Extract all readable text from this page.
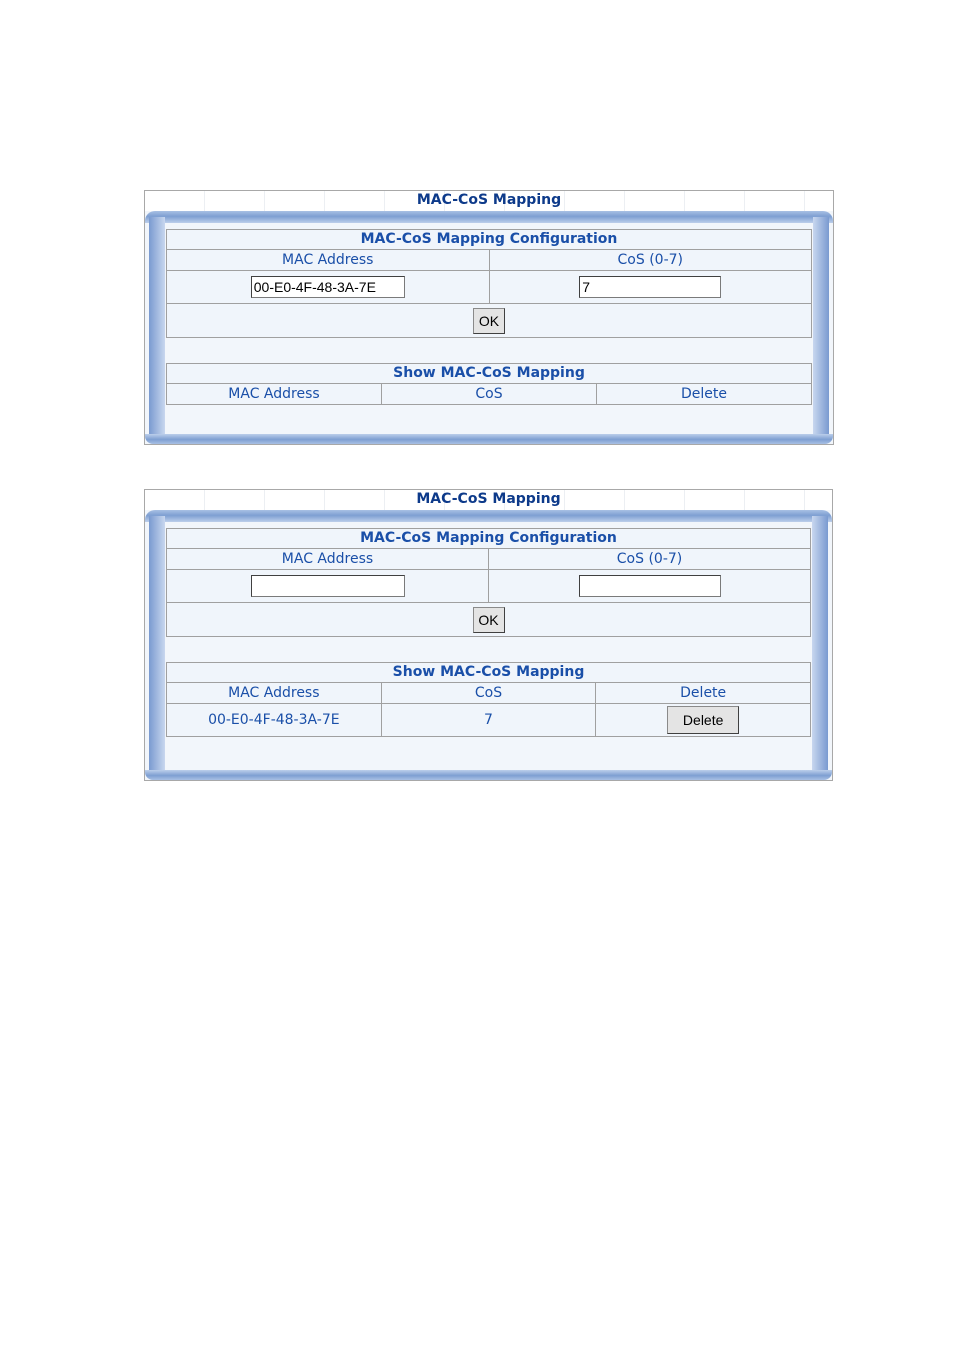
MAC-CoS Mapping
MAC-CoS Mapping Configuration	
MAC Address	CoS (0-7)
00-E0-4F-48-3A-7E	7
OK	
Show MAC-CoS Mapping
MAC Address	CoS	Delete
MAC-CoS Mapping
MAC-CoS Mapping Configuration	
MAC Address	CoS (0-7)

OK	
Show MAC-CoS Mapping		
MAC Address	CoS	Delete
00-E0-4F-48-3A-7E	7	Delete
